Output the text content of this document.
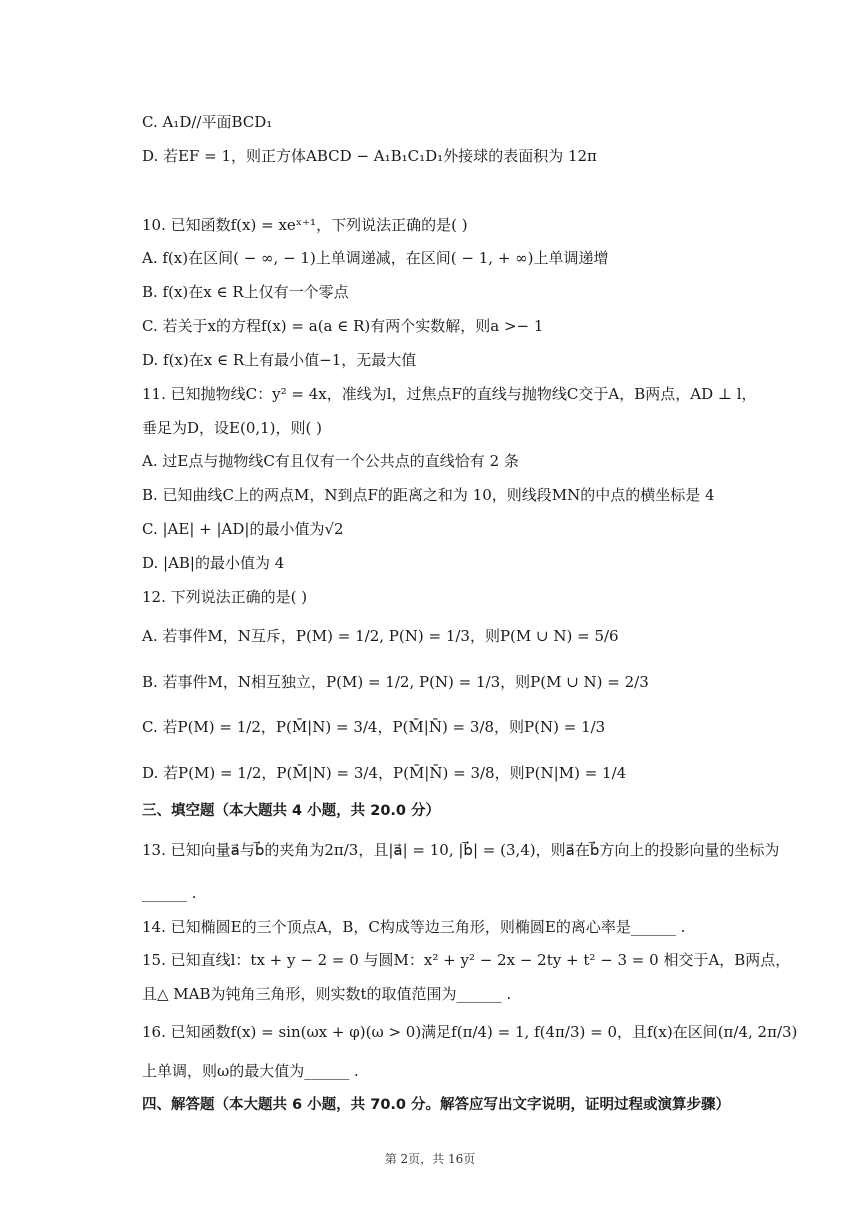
C. A₁D//平面BCD₁
D. 若EF = 1，则正方体ABCD − A₁B₁C₁D₁外接球的表面积为 12π
10. 已知函数f(x) = xeˣ⁺¹，下列说法正确的是( )
A. f(x)在区间( − ∞, − 1)上单调递减，在区间( − 1, + ∞)上单调递增
B. f(x)在x ∈ R上仅有一个零点
C. 若关于x的方程f(x) = a(a ∈ R)有两个实数解，则a >− 1
D. f(x)在x ∈ R上有最小值−1，无最大值
11. 已知抛物线C：y² = 4x，准线为l，过焦点F的直线与抛物线C交于A，B两点，AD ⊥ l，
垂足为D，设E(0,1)，则( )
A. 过E点与抛物线C有且仅有一个公共点的直线恰有 2 条
B. 已知曲线C上的两点M，N到点F的距离之和为 10，则线段MN的中点的横坐标是 4
C. |AE| + |AD|的最小值为√2
D. |AB|的最小值为 4
12. 下列说法正确的是( )
A. 若事件M，N互斥，P(M) = 1/2, P(N) = 1/3，则P(M ∪ N) = 5/6
B. 若事件M，N相互独立，P(M) = 1/2, P(N) = 1/3，则P(M ∪ N) = 2/3
C. 若P(M) = 1/2，P(M̄|N) = 3/4，P(M̄|N̄) = 3/8，则P(N) = 1/3
D. 若P(M) = 1/2，P(M̄|N) = 3/4，P(M̄|N̄) = 3/8，则P(N|M) = 1/4
三、填空题（本大题共 4 小题，共 20.0 分）
13. 已知向量a⃗与b⃗的夹角为2π/3，且|a⃗| = 10, |b⃗| = (3,4)，则a⃗在b⃗方向上的投影向量的坐标为
______ .
14. 已知椭圆E的三个顶点A，B，C构成等边三角形，则椭圆E的离心率是______ .
15. 已知直线l：tx + y − 2 = 0 与圆M：x² + y² − 2x − 2ty + t² − 3 = 0 相交于A，B两点，
且△ MAB为钝角三角形，则实数t的取值范围为______ .
16. 已知函数f(x) = sin(ωx + φ)(ω > 0)满足f(π/4) = 1, f(4π/3) = 0，且f(x)在区间(π/4, 2π/3)
上单调，则ω的最大值为______ .
四、解答题（本大题共 6 小题，共 70.0 分。解答应写出文字说明，证明过程或演算步骤）
第 2页，共 16页
